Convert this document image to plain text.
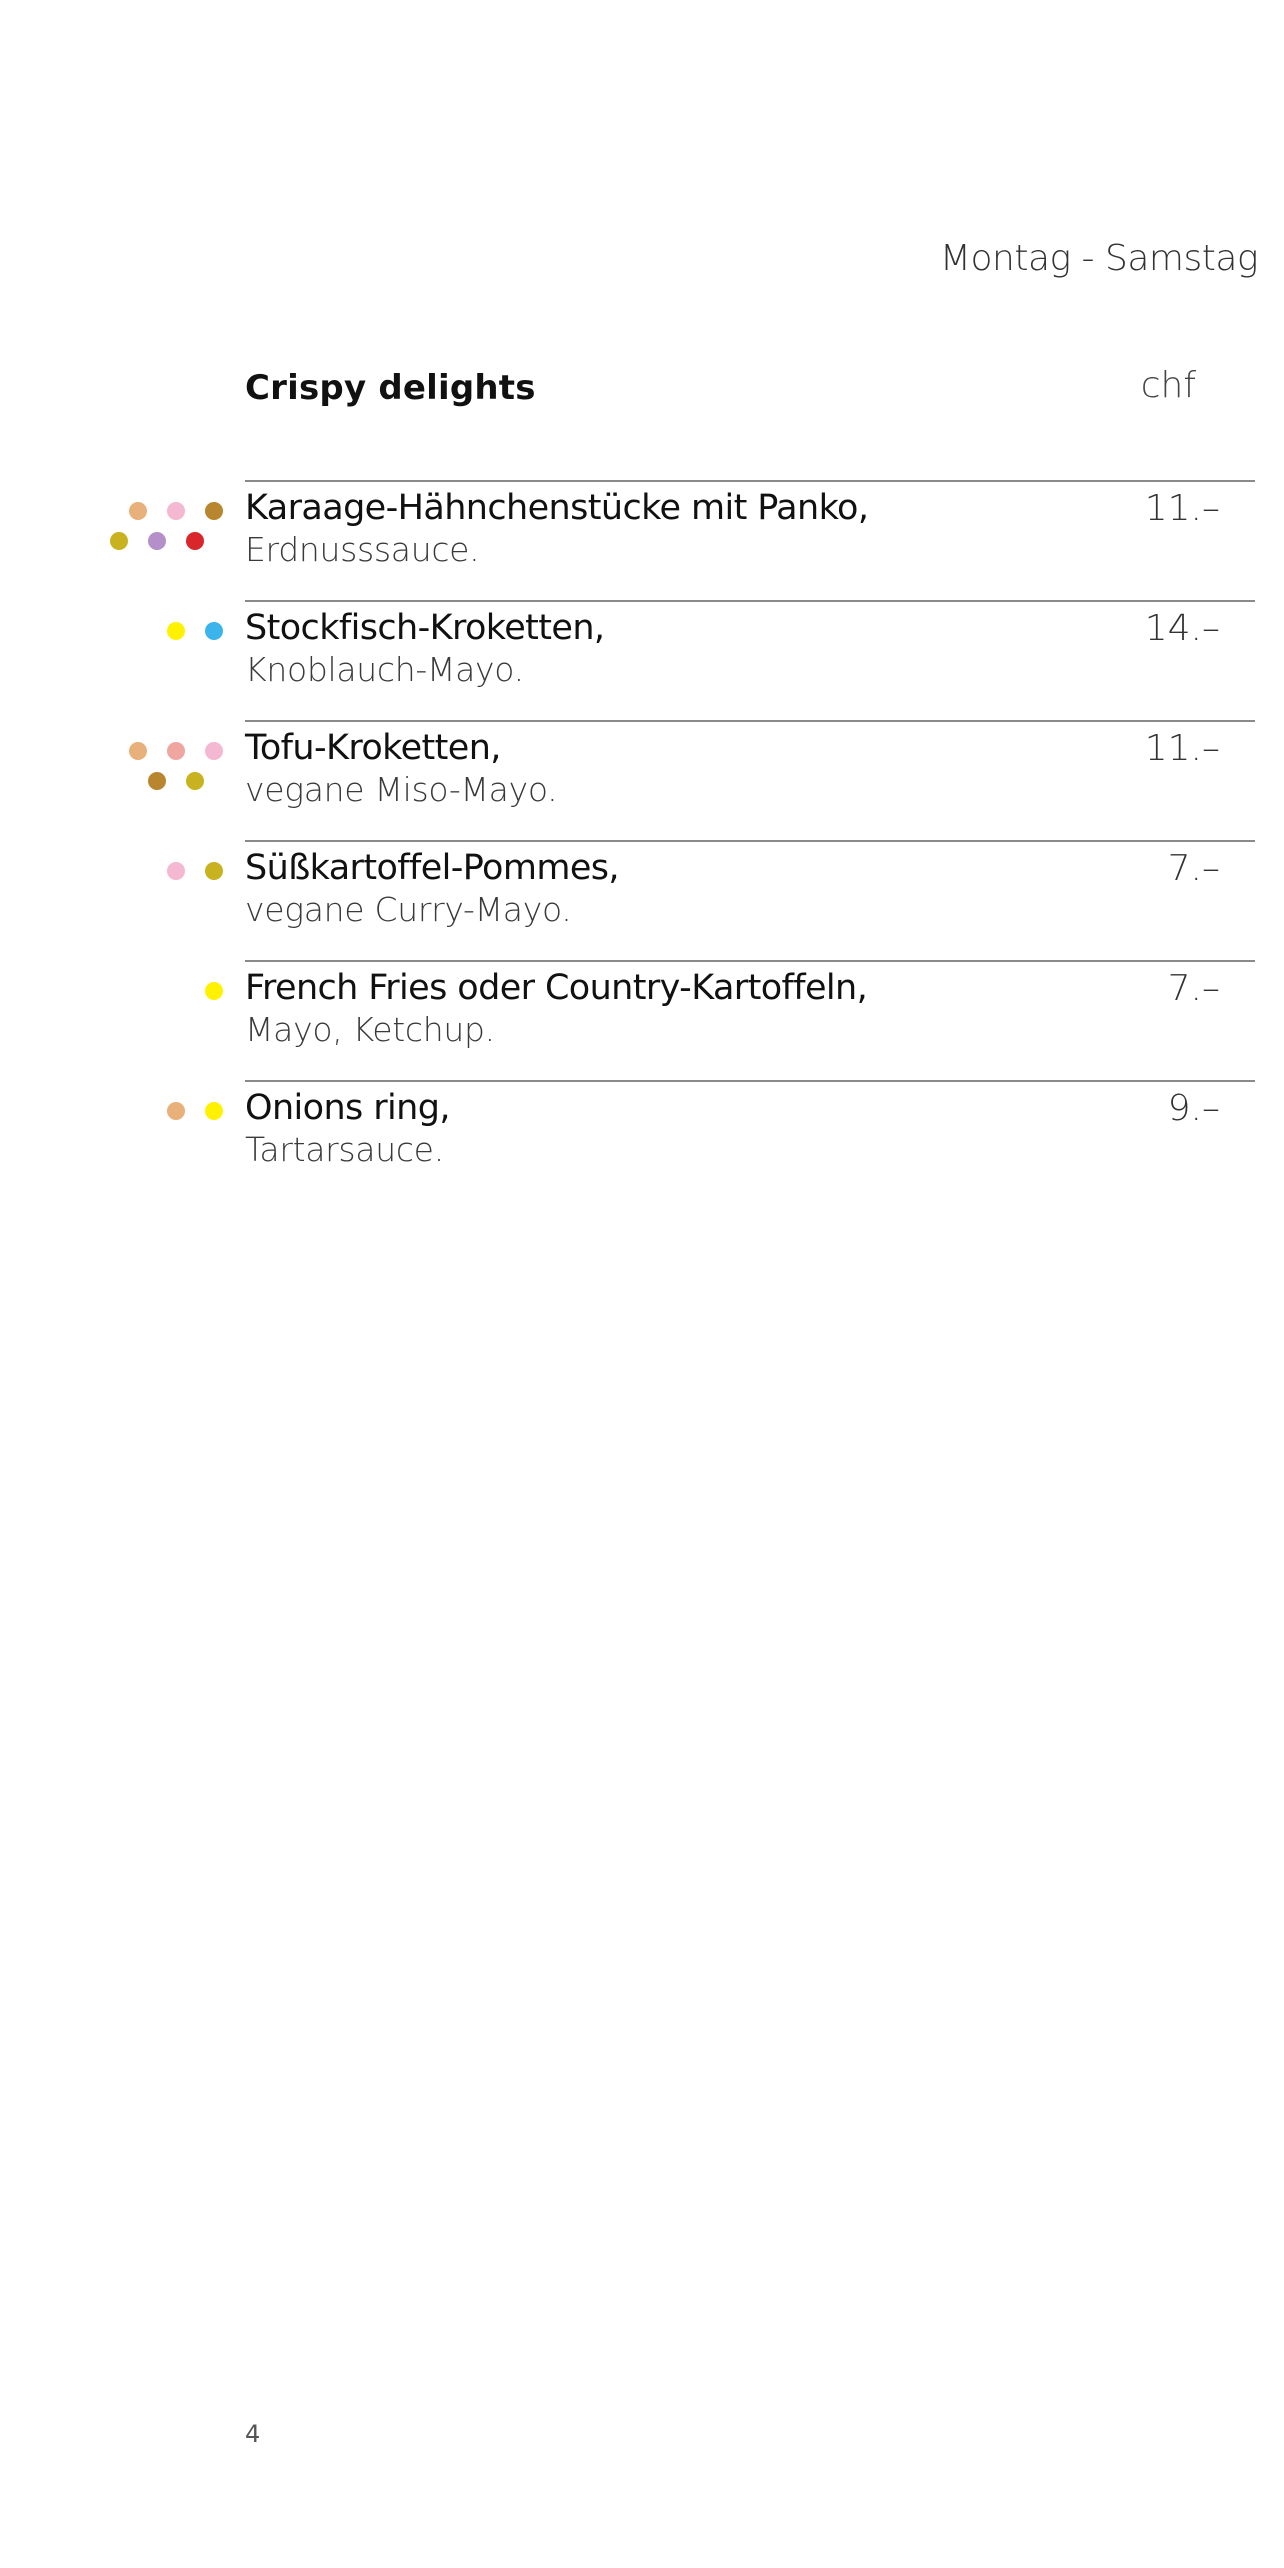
Montag - Samstag
Crispy delights	chf
Karaage-Hähnchenstücke mit Panko,
Erdnusssauce.
11.–
Stockfisch-Kroketten,
Knoblauch-Mayo.
14.–
Tofu-Kroketten,
vegane Miso-Mayo.
11.–
Süßkartoffel-Pommes,
vegane Curry-Mayo.
7.–
French Fries oder Country-Kartoffeln,
Mayo, Ketchup.
7.–
Onions ring,
Tartarsauce.
9.–
4
